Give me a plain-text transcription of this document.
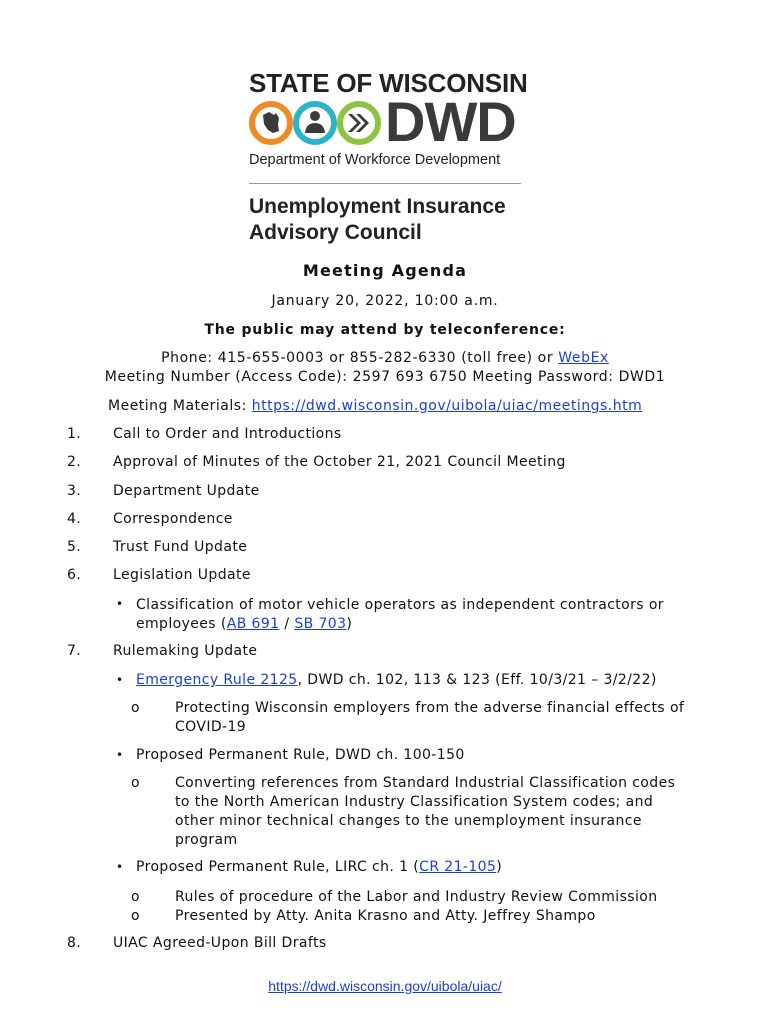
STATE OF WISCONSIN
DWD
Department of Workforce Development
Unemployment Insurance
Advisory Council
Meeting Agenda
January 20, 2022, 10:00 a.m.
The public may attend by teleconference:
Phone: 415-655-0003 or 855-282-6330 (toll free) or WebEx
Meeting Number (Access Code): 2597 693 6750 Meeting Password: DWD1
Meeting Materials: https://dwd.wisconsin.gov/uibola/uiac/meetings.htm
1. Call to Order and Introductions
2. Approval of Minutes of the October 21, 2021 Council Meeting
3. Department Update
4. Correspondence
5. Trust Fund Update
6. Legislation Update
• Classification of motor vehicle operators as independent contractors or
employees (AB 691 / SB 703)
7. Rulemaking Update
• Emergency Rule 2125, DWD ch. 102, 113 & 123 (Eff. 10/3/21 – 3/2/22)
o	Protecting Wisconsin employers from the adverse financial effects of
COVID-19
• Proposed Permanent Rule, DWD ch. 100-150
o	Converting references from Standard Industrial Classification codes
to the North American Industry Classification System codes; and
other minor technical changes to the unemployment insurance
program
• Proposed Permanent Rule, LIRC ch. 1 (CR 21-105)
o	Rules of procedure of the Labor and Industry Review Commission
o	Presented by Atty. Anita Krasno and Atty. Jeffrey Shampo
8. UIAC Agreed-Upon Bill Drafts
https://dwd.wisconsin.gov/uibola/uiac/
